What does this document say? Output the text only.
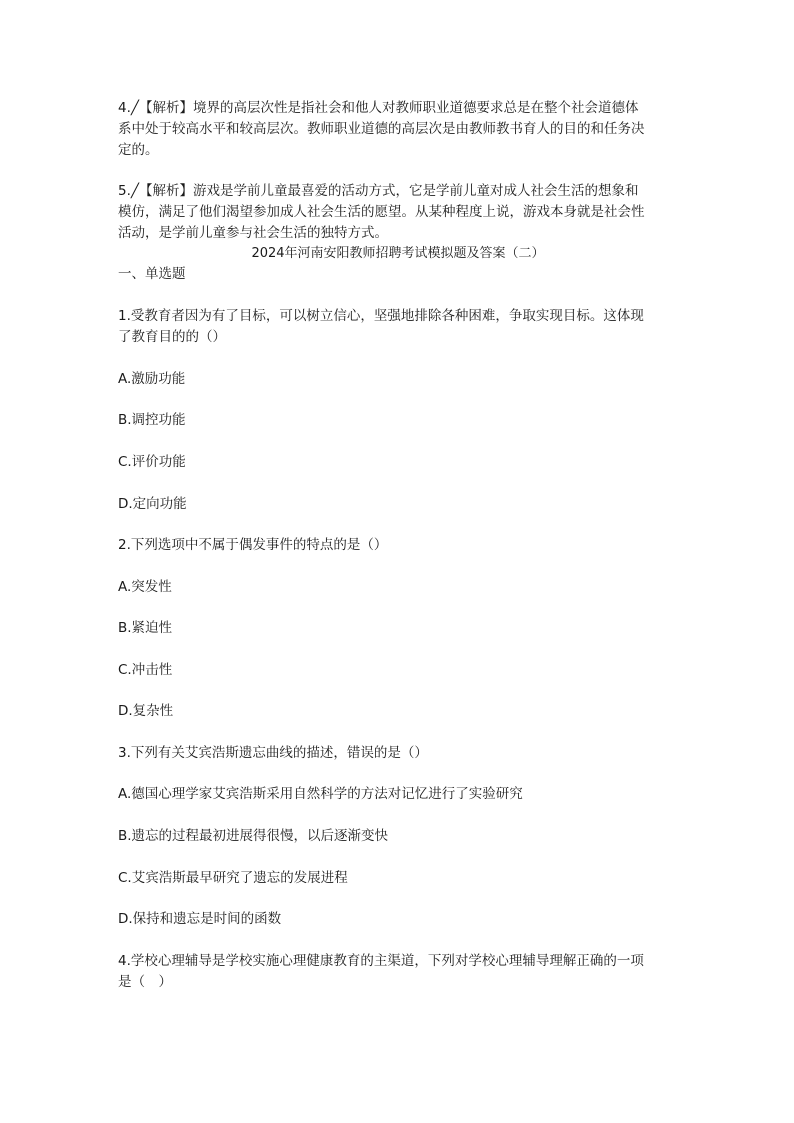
4.╱【解析】境界的高层次性是指社会和他人对教师职业道德要求总是在整个社会道德体
系中处于较高水平和较高层次。教师职业道德的高层次是由教师教书育人的目的和任务决
定的。
5.╱【解析】游戏是学前儿童最喜爱的活动方式，它是学前儿童对成人社会生活的想象和
模仿，满足了他们渴望参加成人社会生活的愿望。从某种程度上说，游戏本身就是社会性
活动，是学前儿童参与社会生活的独特方式。
2024年河南安阳教师招聘考试模拟题及答案（二）
一、单选题
1.受教育者因为有了目标，可以树立信心，坚强地排除各种困难，争取实现目标。这体现
了教育目的的（）
A.激励功能
B.调控功能
C.评价功能
D.定向功能
2.下列选项中不属于偶发事件的特点的是（）
A.突发性
B.紧迫性
C.冲击性
D.复杂性
3.下列有关艾宾浩斯遗忘曲线的描述，错误的是（）
A.德国心理学家艾宾浩斯采用自然科学的方法对记忆进行了实验研究
B.遗忘的过程最初进展得很慢，以后逐渐变快
C.艾宾浩斯最早研究了遗忘的发展进程
D.保持和遗忘是时间的函数
4.学校心理辅导是学校实施心理健康教育的主渠道，下列对学校心理辅导理解正确的一项
是（　）
